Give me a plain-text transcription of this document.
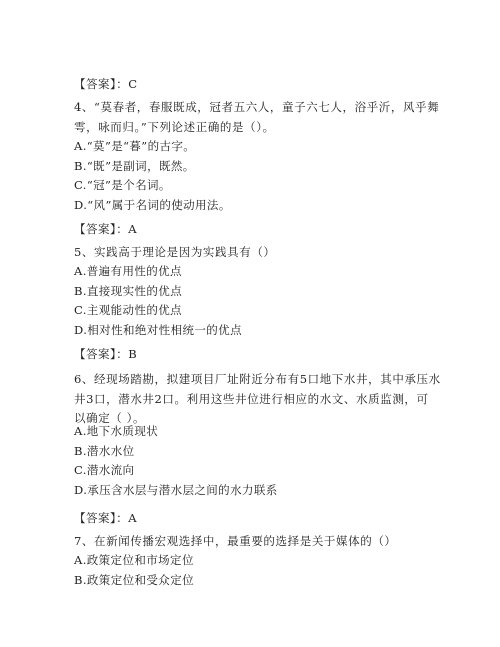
【答案】：C
4、“莫春者，春服既成，冠者五六人，童子六七人，浴乎沂，风乎舞
雩，咏而归。”下列论述正确的是（）。
A.“莫”是“暮”的古字。
B.“既”是副词，既然。
C.“冠”是个名词。
D.“风”属于名词的使动用法。
【答案】：A
5、实践高于理论是因为实践具有（）
A.普遍有用性的优点
B.直接现实性的优点
C.主观能动性的优点
D.相对性和绝对性相统一的优点
【答案】：B
6、经现场踏勘，拟建项目厂址附近分布有5口地下水井，其中承压水
井3口，潜水井2口。利用这些井位进行相应的水文、水质监测，可
以确定（ ）。
A.地下水质现状
B.潜水水位
C.潜水流向
D.承压含水层与潜水层之间的水力联系
【答案】：A
7、在新闻传播宏观选择中，最重要的选择是关于媒体的（）
A.政策定位和市场定位
B.政策定位和受众定位
